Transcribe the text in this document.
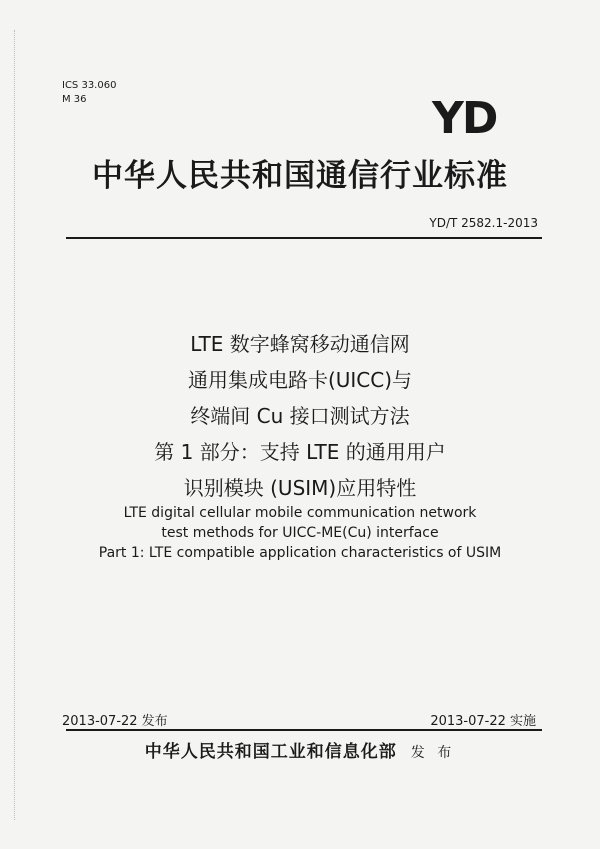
ICS 33.060
M 36	YD
中华人民共和国通信行业标准
YD/T 2582.1-2013
LTE 数字蜂窝移动通信网
通用集成电路卡(UICC)与
终端间 Cu 接口测试方法
第 1 部分：支持 LTE 的通用用户
识别模块 (USIM)应用特性
LTE digital cellular mobile communication network
test methods for UICC-ME(Cu) interface
Part 1: LTE compatible application characteristics of USIM
2013-07-22 发布	2013-07-22 实施
中华人民共和国工业和信息化部 发 布
